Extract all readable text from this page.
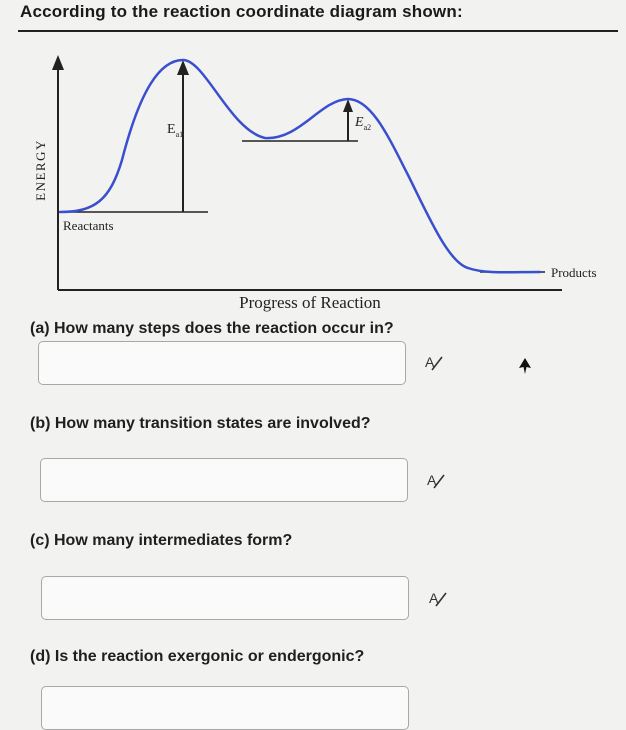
According to the reaction coordinate diagram shown:
ENERGY
$E_{a1}$
$E_{a2}$
Reactants
Products
Progress of Reaction
(a) How many steps does the reaction occur in?
A
(b) How many transition states are involved?
A
(c) How many intermediates form?
A
(d) Is the reaction exergonic or endergonic?
